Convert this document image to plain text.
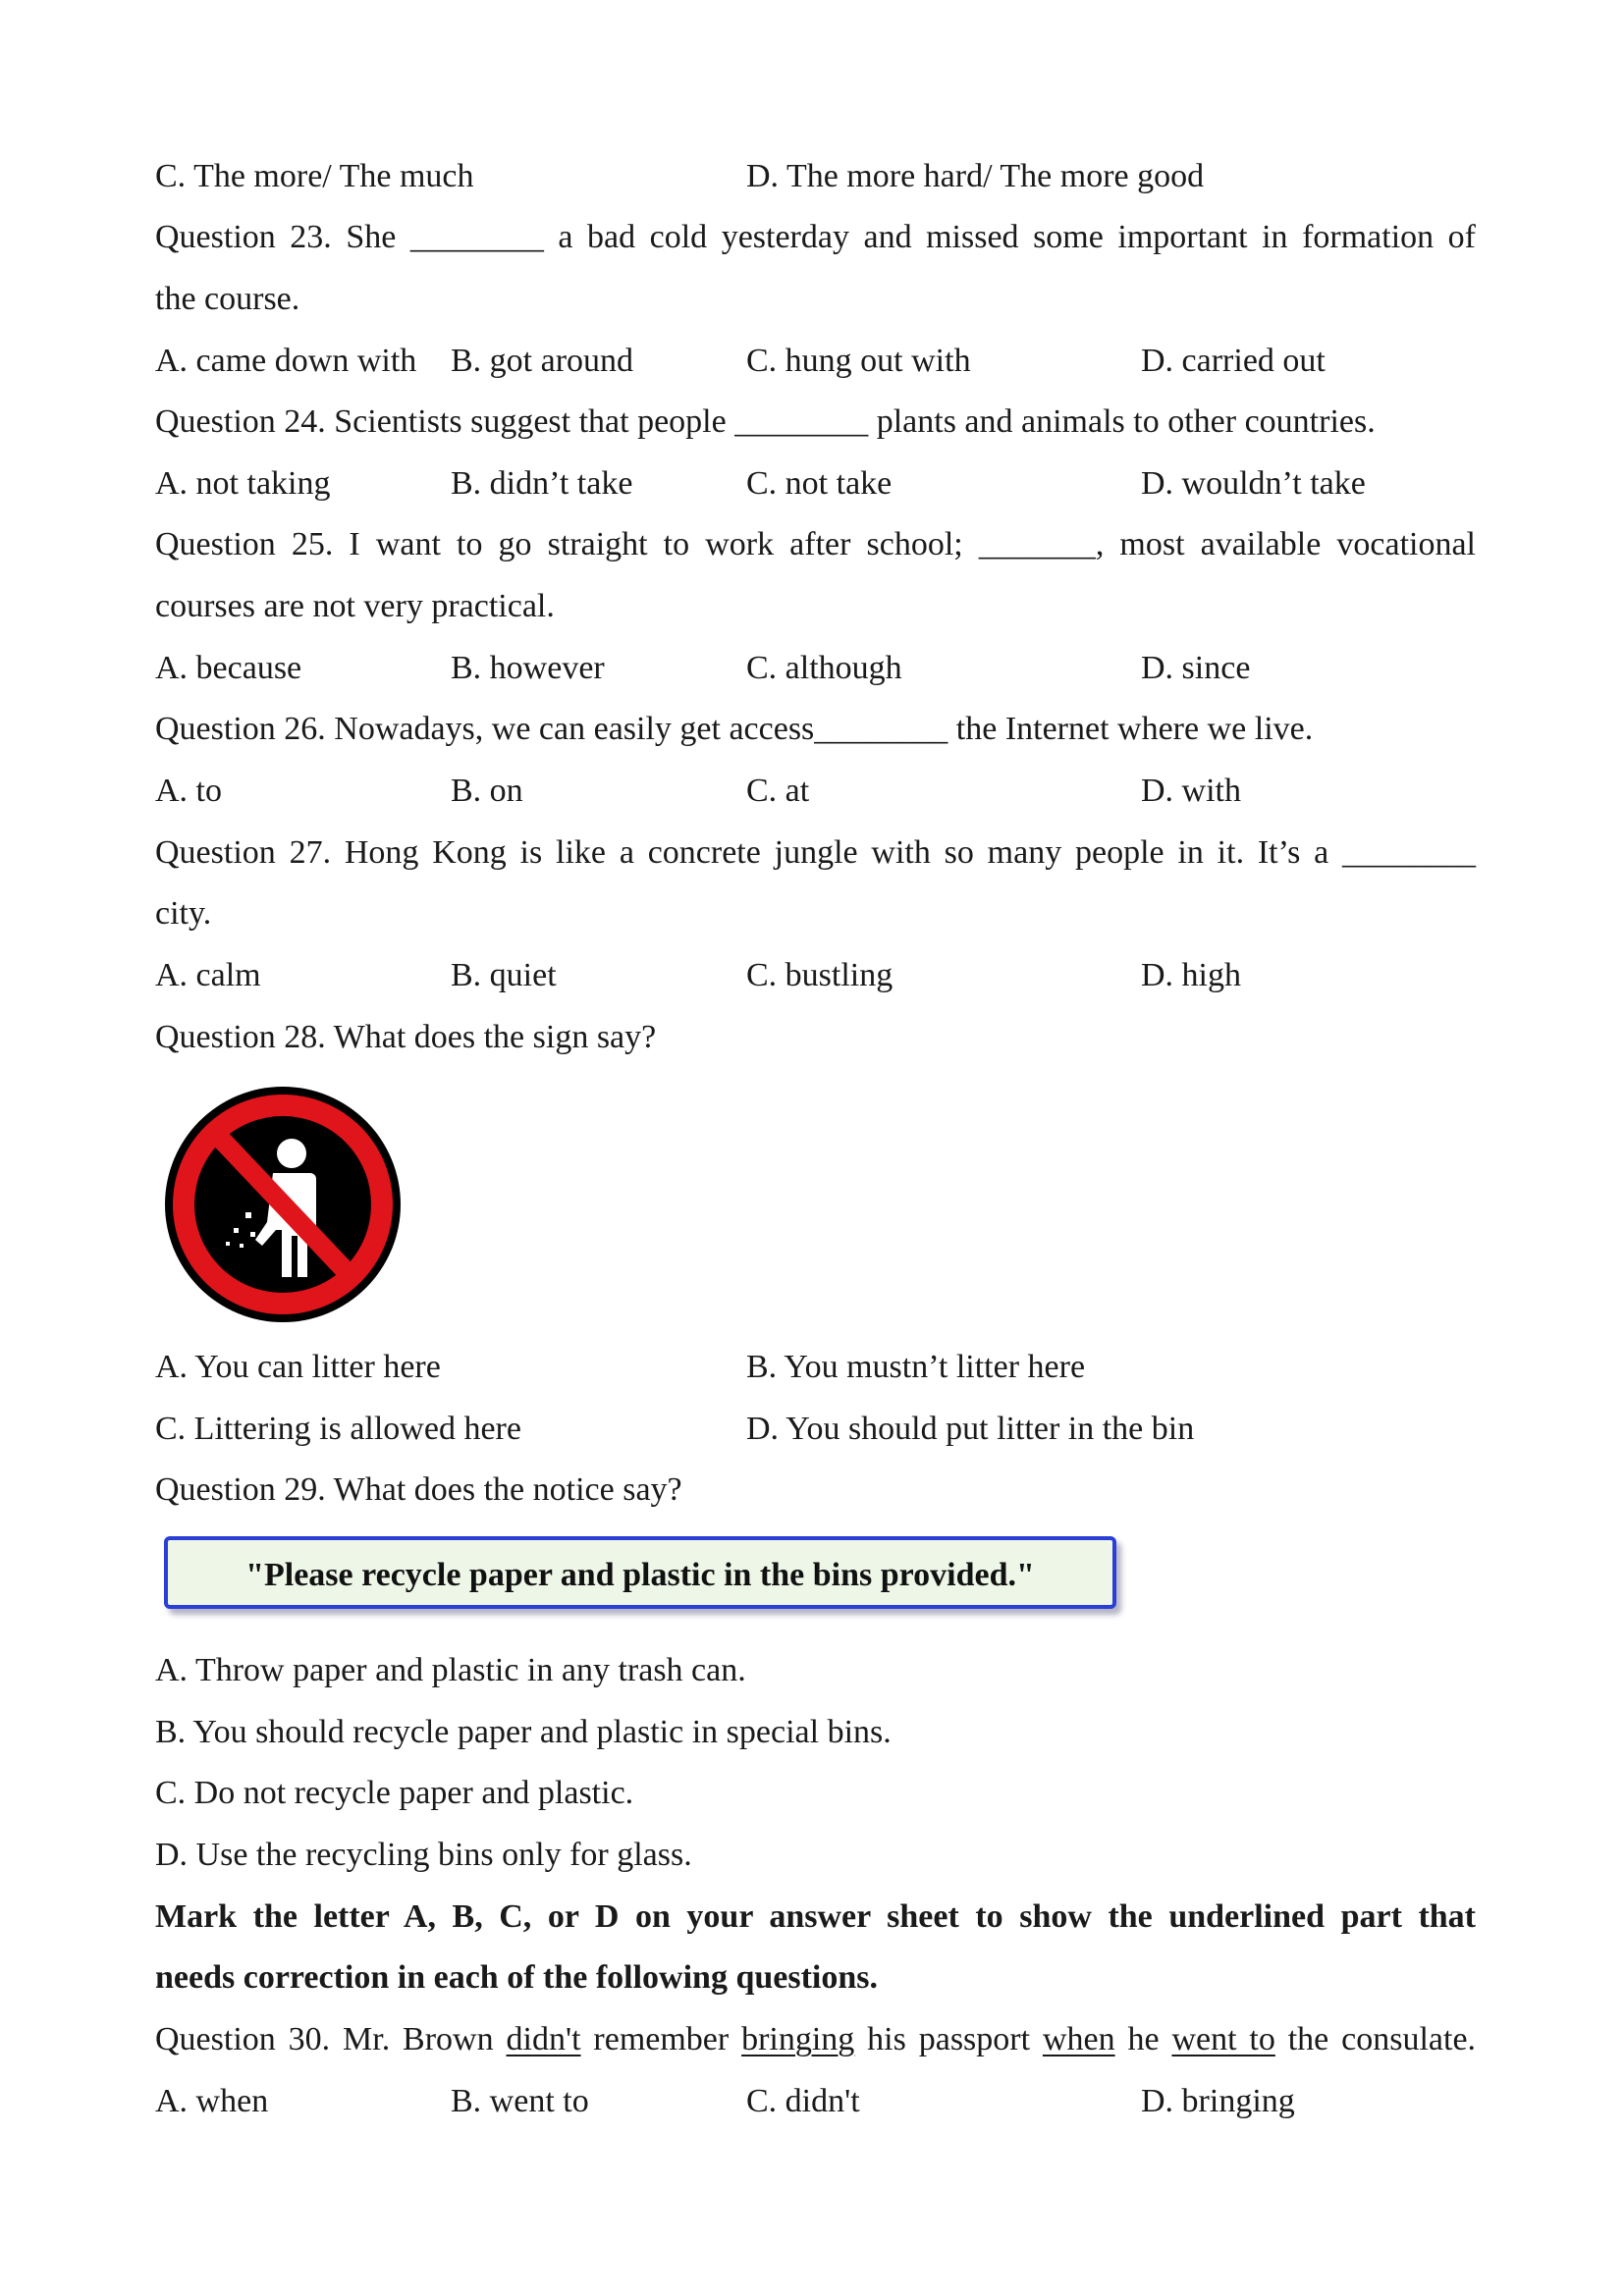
C. The more/ The much	D. The more hard/ The more good
Question 23. She ________ a bad cold yesterday and missed some important in formation of
the course.
A. came down with B. got around	C. hung out with	D. carried out
Question 24. Scientists suggest that people ________ plants and animals to other countries.
A. not taking	B. didn’t take	C. not take	D. wouldn’t take
Question 25. I want to go straight to work after school; _______, most available vocational
courses are not very practical.
A. because	B. however	C. although	D. since
Question 26. Nowadays, we can easily get access________ the Internet where we live.
A. to	B. on	C. at	D. with
Question 27. Hong Kong is like a concrete jungle with so many people in it. It’s a ________
city.
A. calm	B. quiet	C. bustling	D. high
Question 28. What does the sign say?
A. You can litter here	B. You mustn’t litter here
C. Littering is allowed here	D. You should put litter in the bin
Question 29. What does the notice say?
"Please recycle paper and plastic in the bins provided."
A. Throw paper and plastic in any trash can.
B. You should recycle paper and plastic in special bins.
C. Do not recycle paper and plastic.
D. Use the recycling bins only for glass.
Mark the letter A, B, C, or D on your answer sheet to show the underlined part that
needs correction in each of the following questions.
Question 30. Mr. Brown didn't remember bringing his passport when he went to the consulate.
A. when	B. went to	C. didn't	D. bringing
